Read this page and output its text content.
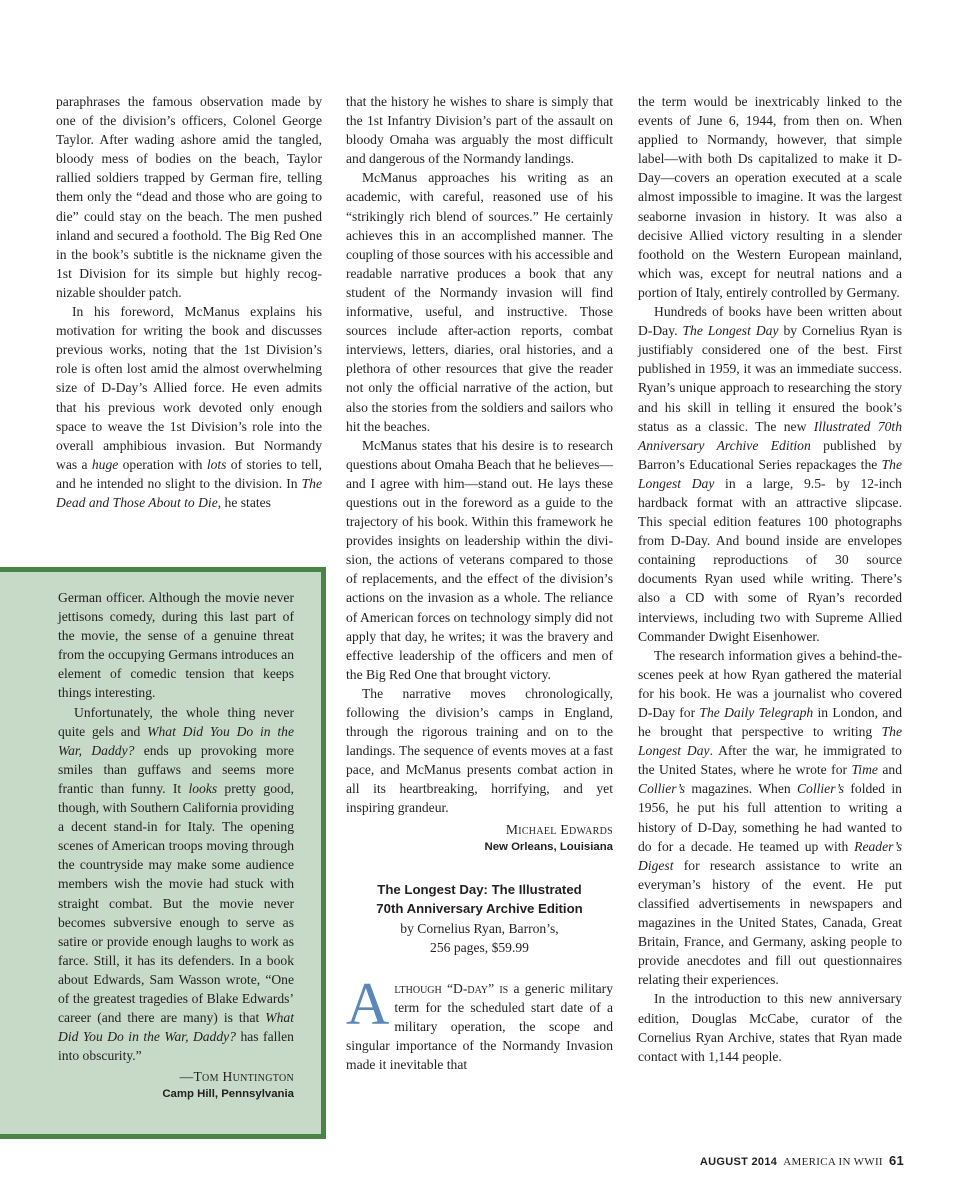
paraphrases the famous observation made by one of the division’s officers, Colonel George Taylor. After wading ashore amid the tangled, bloody mess of bodies on the beach, Taylor rallied soldiers trapped by German fire, telling them only the “dead and those who are going to die” could stay on the beach. The men pushed inland and secured a foothold. The Big Red One in the book’s subtitle is the nickname given the 1st Division for its simple but highly recognizable shoulder patch.

In his foreword, McManus explains his motivation for writing the book and discusses previous works, noting that the 1st Division’s role is often lost amid the almost overwhelming size of D-Day’s Allied force. He even admits that his previous work devoted only enough space to weave the 1st Division’s role into the overall amphibious invasion. But Normandy was a huge operation with lots of stories to tell, and he intended no slight to the division. In The Dead and Those About to Die, he states

German officer. Although the movie never jettisons comedy, during this last part of the movie, the sense of a genuine threat from the occupying Germans introduces an element of comedic tension that keeps things interesting.

Unfortunately, the whole thing never quite gels and What Did You Do in the War, Daddy? ends up provoking more smiles than guffaws and seems more frantic than funny. It looks pretty good, though, with Southern California providing a decent stand-in for Italy. The opening scenes of American troops moving through the countryside may make some audience members wish the movie had stuck with straight combat. But the movie never becomes subversive enough to serve as satire or provide enough laughs to work as farce. Still, it has its defenders. In a book about Edwards, Sam Wasson wrote, “One of the greatest tragedies of Blake Edwards’ career (and there are many) is that What Did You Do in the War, Daddy? has fallen into obscurity.”

—Tom Huntington
Camp Hill, Pennsylvania

that the history he wishes to share is simply that the 1st Infantry Division’s part of the assault on bloody Omaha was arguably the most difficult and dangerous of the Normandy landings.

McManus approaches his writing as an academic, with careful, reasoned use of his “strikingly rich blend of sources.” He certainly achieves this in an accomplished manner. The coupling of those sources with his accessible and readable narrative produces a book that any student of the Normandy invasion will find informative, useful, and instructive. Those sources include after-action reports, combat interviews, letters, diaries, oral histories, and a plethora of other resources that give the reader not only the official narrative of the action, but also the stories from the soldiers and sailors who hit the beaches.

McManus states that his desire is to research questions about Omaha Beach that he believes—and I agree with him—stand out. He lays these questions out in the foreword as a guide to the trajectory of his book. Within this framework he provides insights on leadership within the division, the actions of veterans compared to those of replacements, and the effect of the division’s actions on the invasion as a whole. The reliance of American forces on technology simply did not apply that day, he writes; it was the bravery and effective leadership of the officers and men of the Big Red One that brought victory.

The narrative moves chronologically, following the division’s camps in England, through the rigorous training and on to the landings. The sequence of events moves at a fast pace, and McManus presents combat action in all its heartbreaking, horrifying, and yet inspiring grandeur.

Michael Edwards
New Orleans, Louisiana
The Longest Day: The Illustrated
70th Anniversary Archive Edition
by Cornelius Ryan, Barron’s,
256 pages, $59.99

Although “D-day” is a generic military term for the scheduled start date of a military operation, the scope and singular importance of the Normandy Invasion made it inevitable that

the term would be inextricably linked to the events of June 6, 1944, from then on. When applied to Normandy, however, that simple label—with both Ds capitalized to make it D-Day—covers an operation executed at a scale almost impossible to imagine. It was the largest seaborne invasion in history. It was also a decisive Allied victory resulting in a slender foothold on the Western European mainland, which was, except for neutral nations and a portion of Italy, entirely controlled by Germany.

Hundreds of books have been written about D-Day. The Longest Day by Cornelius Ryan is justifiably considered one of the best. First published in 1959, it was an immediate success. Ryan’s unique approach to researching the story and his skill in telling it ensured the book’s status as a classic. The new Illustrated 70th Anniversary Archive Edition published by Barron’s Educational Series repackages the The Longest Day in a large, 9.5- by 12-inch hardback format with an attractive slipcase. This special edition features 100 photographs from D-Day. And bound inside are envelopes containing reproductions of 30 source documents Ryan used while writing. There’s also a CD with some of Ryan’s recorded interviews, including two with Supreme Allied Commander Dwight Eisenhower.

The research information gives a behind-the-scenes peek at how Ryan gathered the material for his book. He was a journalist who covered D-Day for The Daily Telegraph in London, and he brought that perspective to writing The Longest Day. After the war, he immigrated to the United States, where he wrote for Time and Collier’s magazines. When Collier’s folded in 1956, he put his full attention to writing a history of D-Day, something he had wanted to do for a decade. He teamed up with Reader’s Digest for research assistance to write an everyman’s history of the event. He put classified advertisements in newspapers and magazines in the United States, Canada, Great Britain, France, and Germany, asking people to provide anecdotes and fill out questionnaires relating their experiences.

In the introduction to this new anniversary edition, Douglas McCabe, curator of the Cornelius Ryan Archive, states that Ryan made contact with 1,144 people.

AUGUST 2014 AMERICA IN WWII 61
